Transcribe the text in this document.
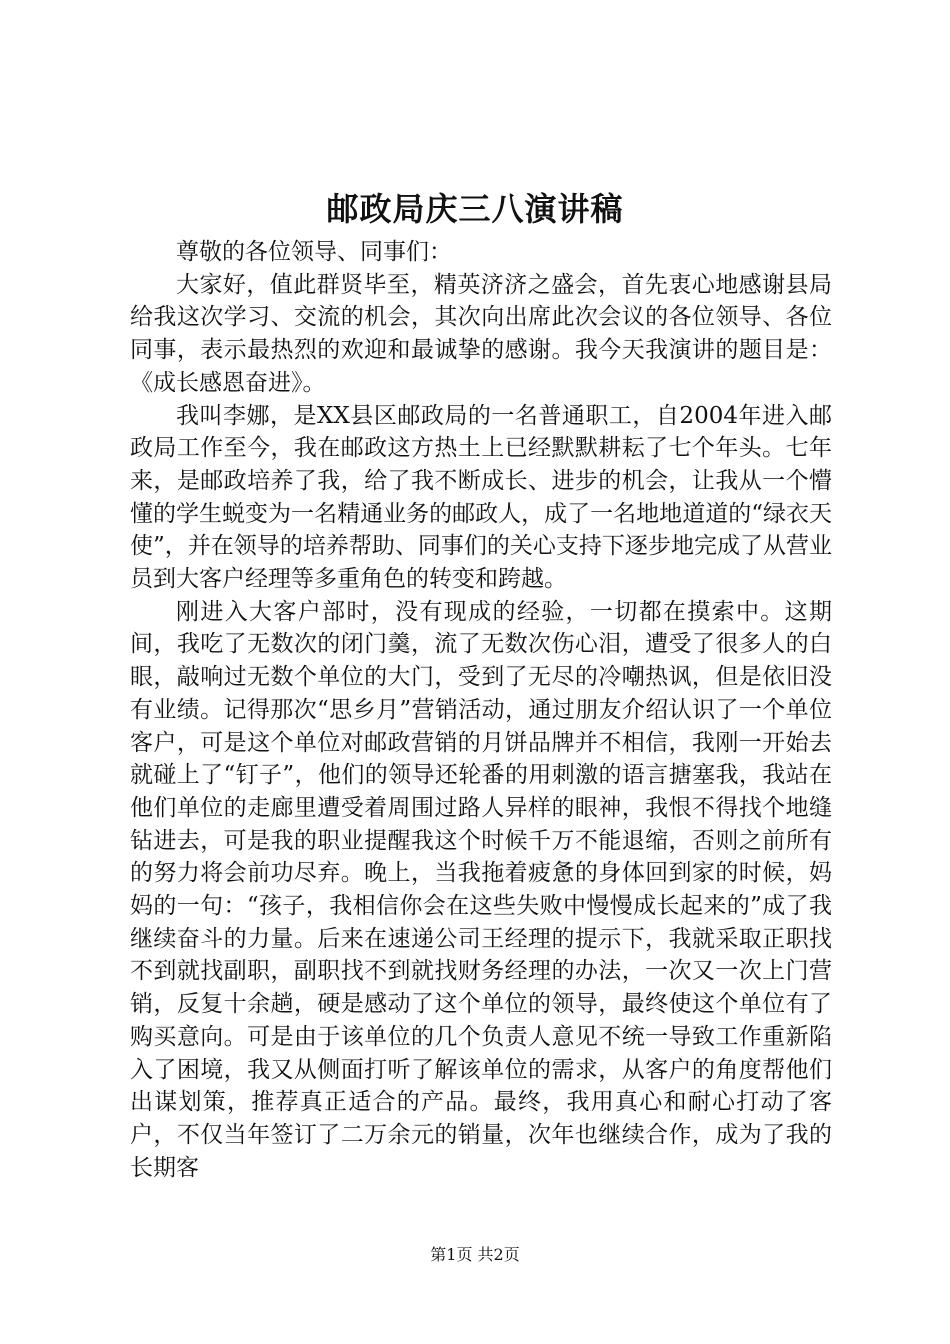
邮政局庆三八演讲稿

尊敬的各位领导、同事们：

大家好，值此群贤毕至，精英济济之盛会，首先衷心地感谢县局给我这次学习、交流的机会，其次向出席此次会议的各位领导、各位同事，表示最热烈的欢迎和最诚挚的感谢。我今天我演讲的题目是：《成长感恩奋进》。

我叫李娜，是XX县区邮政局的一名普通职工，自2004年进入邮政局工作至今，我在邮政这方热土上已经默默耕耘了七个年头。七年来，是邮政培养了我，给了我不断成长、进步的机会，让我从一个懵懂的学生蜕变为一名精通业务的邮政人，成了一名地地道道的“绿衣天使”，并在领导的培养帮助、同事们的关心支持下逐步地完成了从营业员到大客户经理等多重角色的转变和跨越。

刚进入大客户部时，没有现成的经验，一切都在摸索中。这期间，我吃了无数次的闭门羹，流了无数次伤心泪，遭受了很多人的白眼，敲响过无数个单位的大门，受到了无尽的冷嘲热讽，但是依旧没有业绩。记得那次“思乡月”营销活动，通过朋友介绍认识了一个单位客户，可是这个单位对邮政营销的月饼品牌并不相信，我刚一开始去就碰上了“钉子”，他们的领导还轮番的用刺激的语言搪塞我，我站在他们单位的走廊里遭受着周围过路人异样的眼神，我恨不得找个地缝钻进去，可是我的职业提醒我这个时候千万不能退缩，否则之前所有的努力将会前功尽弃。晚上，当我拖着疲惫的身体回到家的时候，妈妈的一句：“孩子，我相信你会在这些失败中慢慢成长起来的”成了我继续奋斗的力量。后来在速递公司王经理的提示下，我就采取正职找不到就找副职，副职找不到就找财务经理的办法，一次又一次上门营销，反复十余趟，硬是感动了这个单位的领导，最终使这个单位有了购买意向。可是由于该单位的几个负责人意见不统一导致工作重新陷入了困境，我又从侧面打听了解该单位的需求，从客户的角度帮他们出谋划策，推荐真正适合的产品。最终，我用真心和耐心打动了客户，不仅当年签订了二万余元的销量，次年也继续合作，成为了我的长期客

第1页 共2页
